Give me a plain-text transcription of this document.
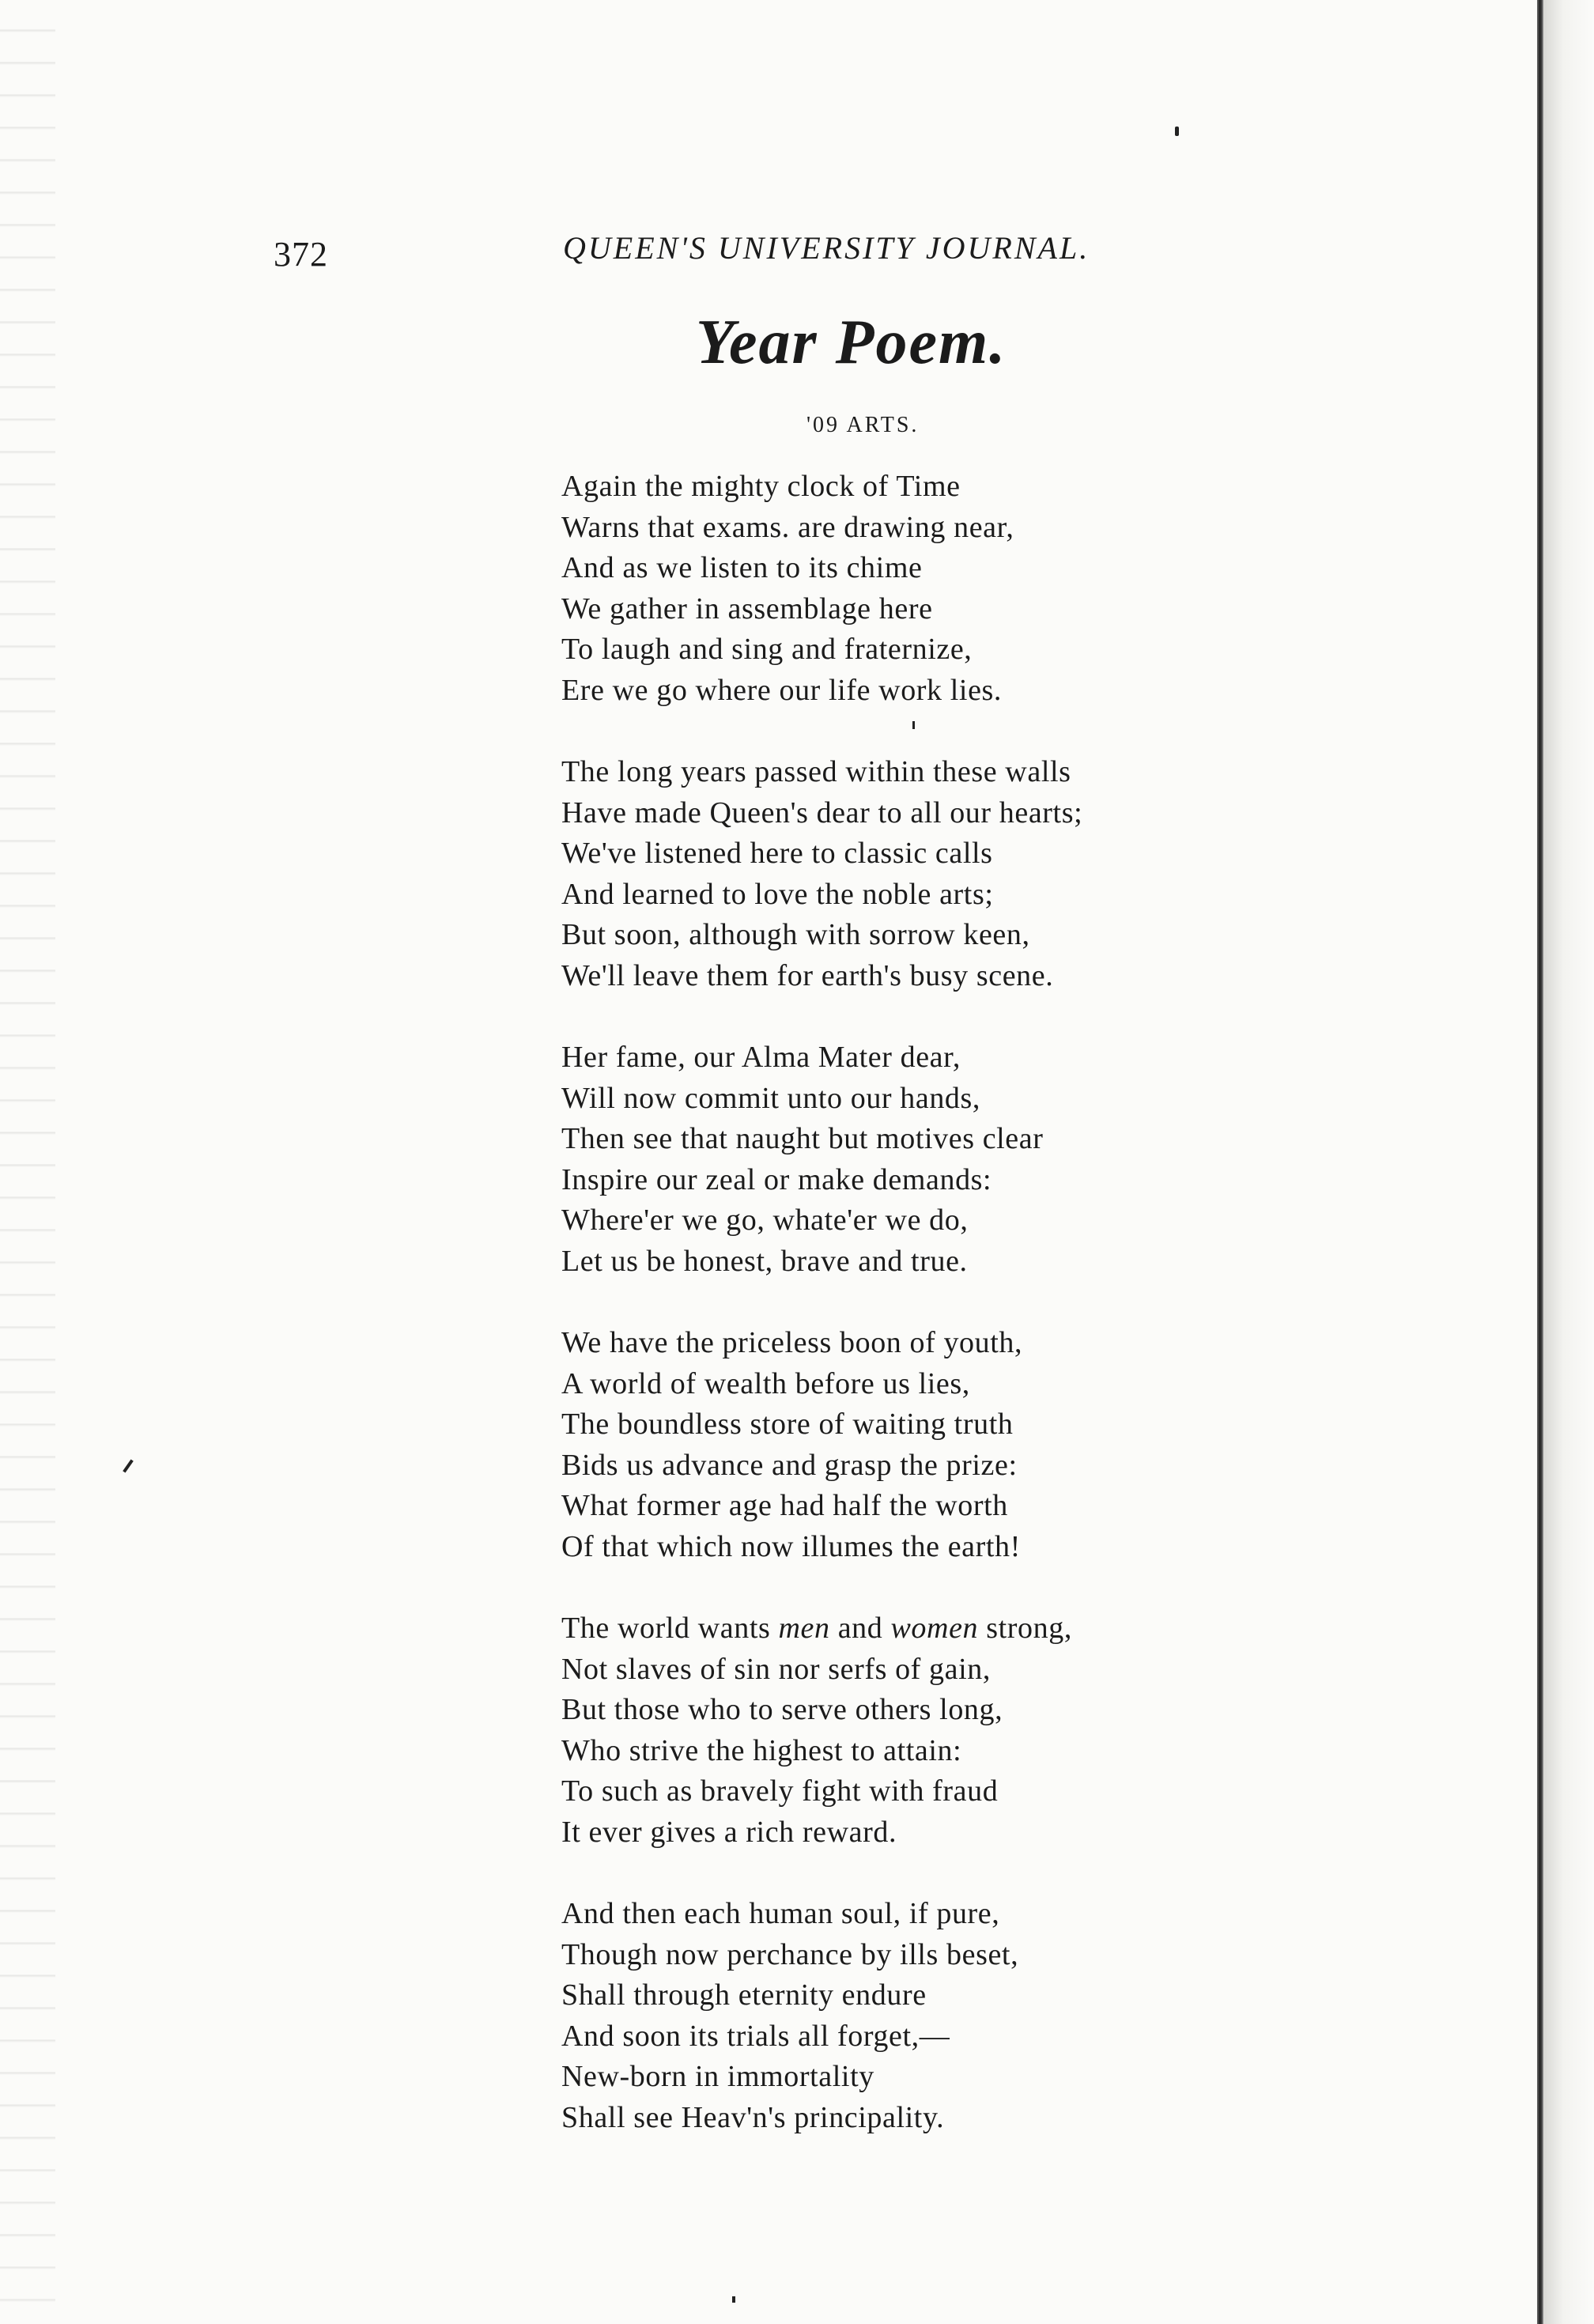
372	QUEEN'S UNIVERSITY JOURNAL.
Year Poem.
'09 ARTS.
Again the mighty clock of Time
Warns that exams. are drawing near,
And as we listen to its chime
We gather in assemblage here
To laugh and sing and fraternize,
Ere we go where our life work lies.
The long years passed within these walls
Have made Queen's dear to all our hearts;
We've listened here to classic calls
And learned to love the noble arts;
But soon, although with sorrow keen,
We'll leave them for earth's busy scene.
Her fame, our Alma Mater dear,
Will now commit unto our hands,
Then see that naught but motives clear
Inspire our zeal or make demands:
Where'er we go, whate'er we do,
Let us be honest, brave and true.
We have the priceless boon of youth,
A world of wealth before us lies,
The boundless store of waiting truth
Bids us advance and grasp the prize:
What former age had half the worth
Of that which now illumes the earth!
The world wants men and women strong,
Not slaves of sin nor serfs of gain,
But those who to serve others long,
Who strive the highest to attain:
To such as bravely fight with fraud
It ever gives a rich reward.
And then each human soul, if pure,
Though now perchance by ills beset,
Shall through eternity endure
And soon its trials all forget,—
New-born in immortality
Shall see Heav'n's principality.
